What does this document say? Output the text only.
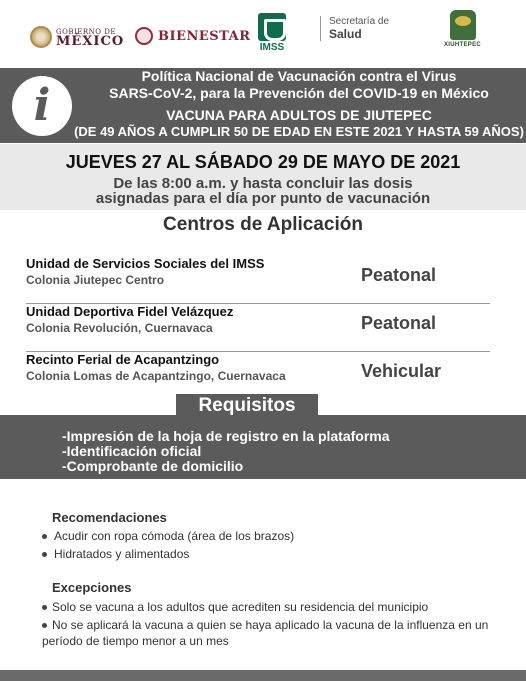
GOBIERNO DE
MÉXICO	BIENESTAR
IMSS
Secretaría de
Salud
XIUHTEPEC
i
Política Nacional de Vacunación contra el Virus
SARS-CoV-2, para la Prevención del COVID-19 en México
VACUNA PARA ADULTOS DE JIUTEPEC
(DE 49 AÑOS A CUMPLIR 50 DE EDAD EN ESTE 2021 Y HASTA 59 AÑOS)
JUEVES 27 AL SÁBADO 29 DE MAYO DE 2021
De las 8:00 a.m. y hasta concluir las dosis
asignadas para el día por punto de vacunación
Centros de Aplicación
Unidad de Servicios Sociales del IMSS
Colonia Jiutepec Centro	Peatonal
Unidad Deportiva Fidel Velázquez
Colonia Revolución, Cuernavaca	Peatonal
Recinto Ferial de Acapantzingo
Colonia Lomas de Acapantzingo, Cuernavaca	Vehicular
-Impresión de la hoja de registro en la plataforma
-Identificación oficial
-Comprobante de domicilio
Requisitos
Recomendaciones
Acudir con ropa cómoda (área de los brazos)
Hidratados y alimentados
Excepciones
Solo se vacuna a los adultos que acrediten su residencia del municipio
No se aplicará la vacuna a quien se haya aplicado la vacuna de la influenza en un período de tiempo menor a un mes
